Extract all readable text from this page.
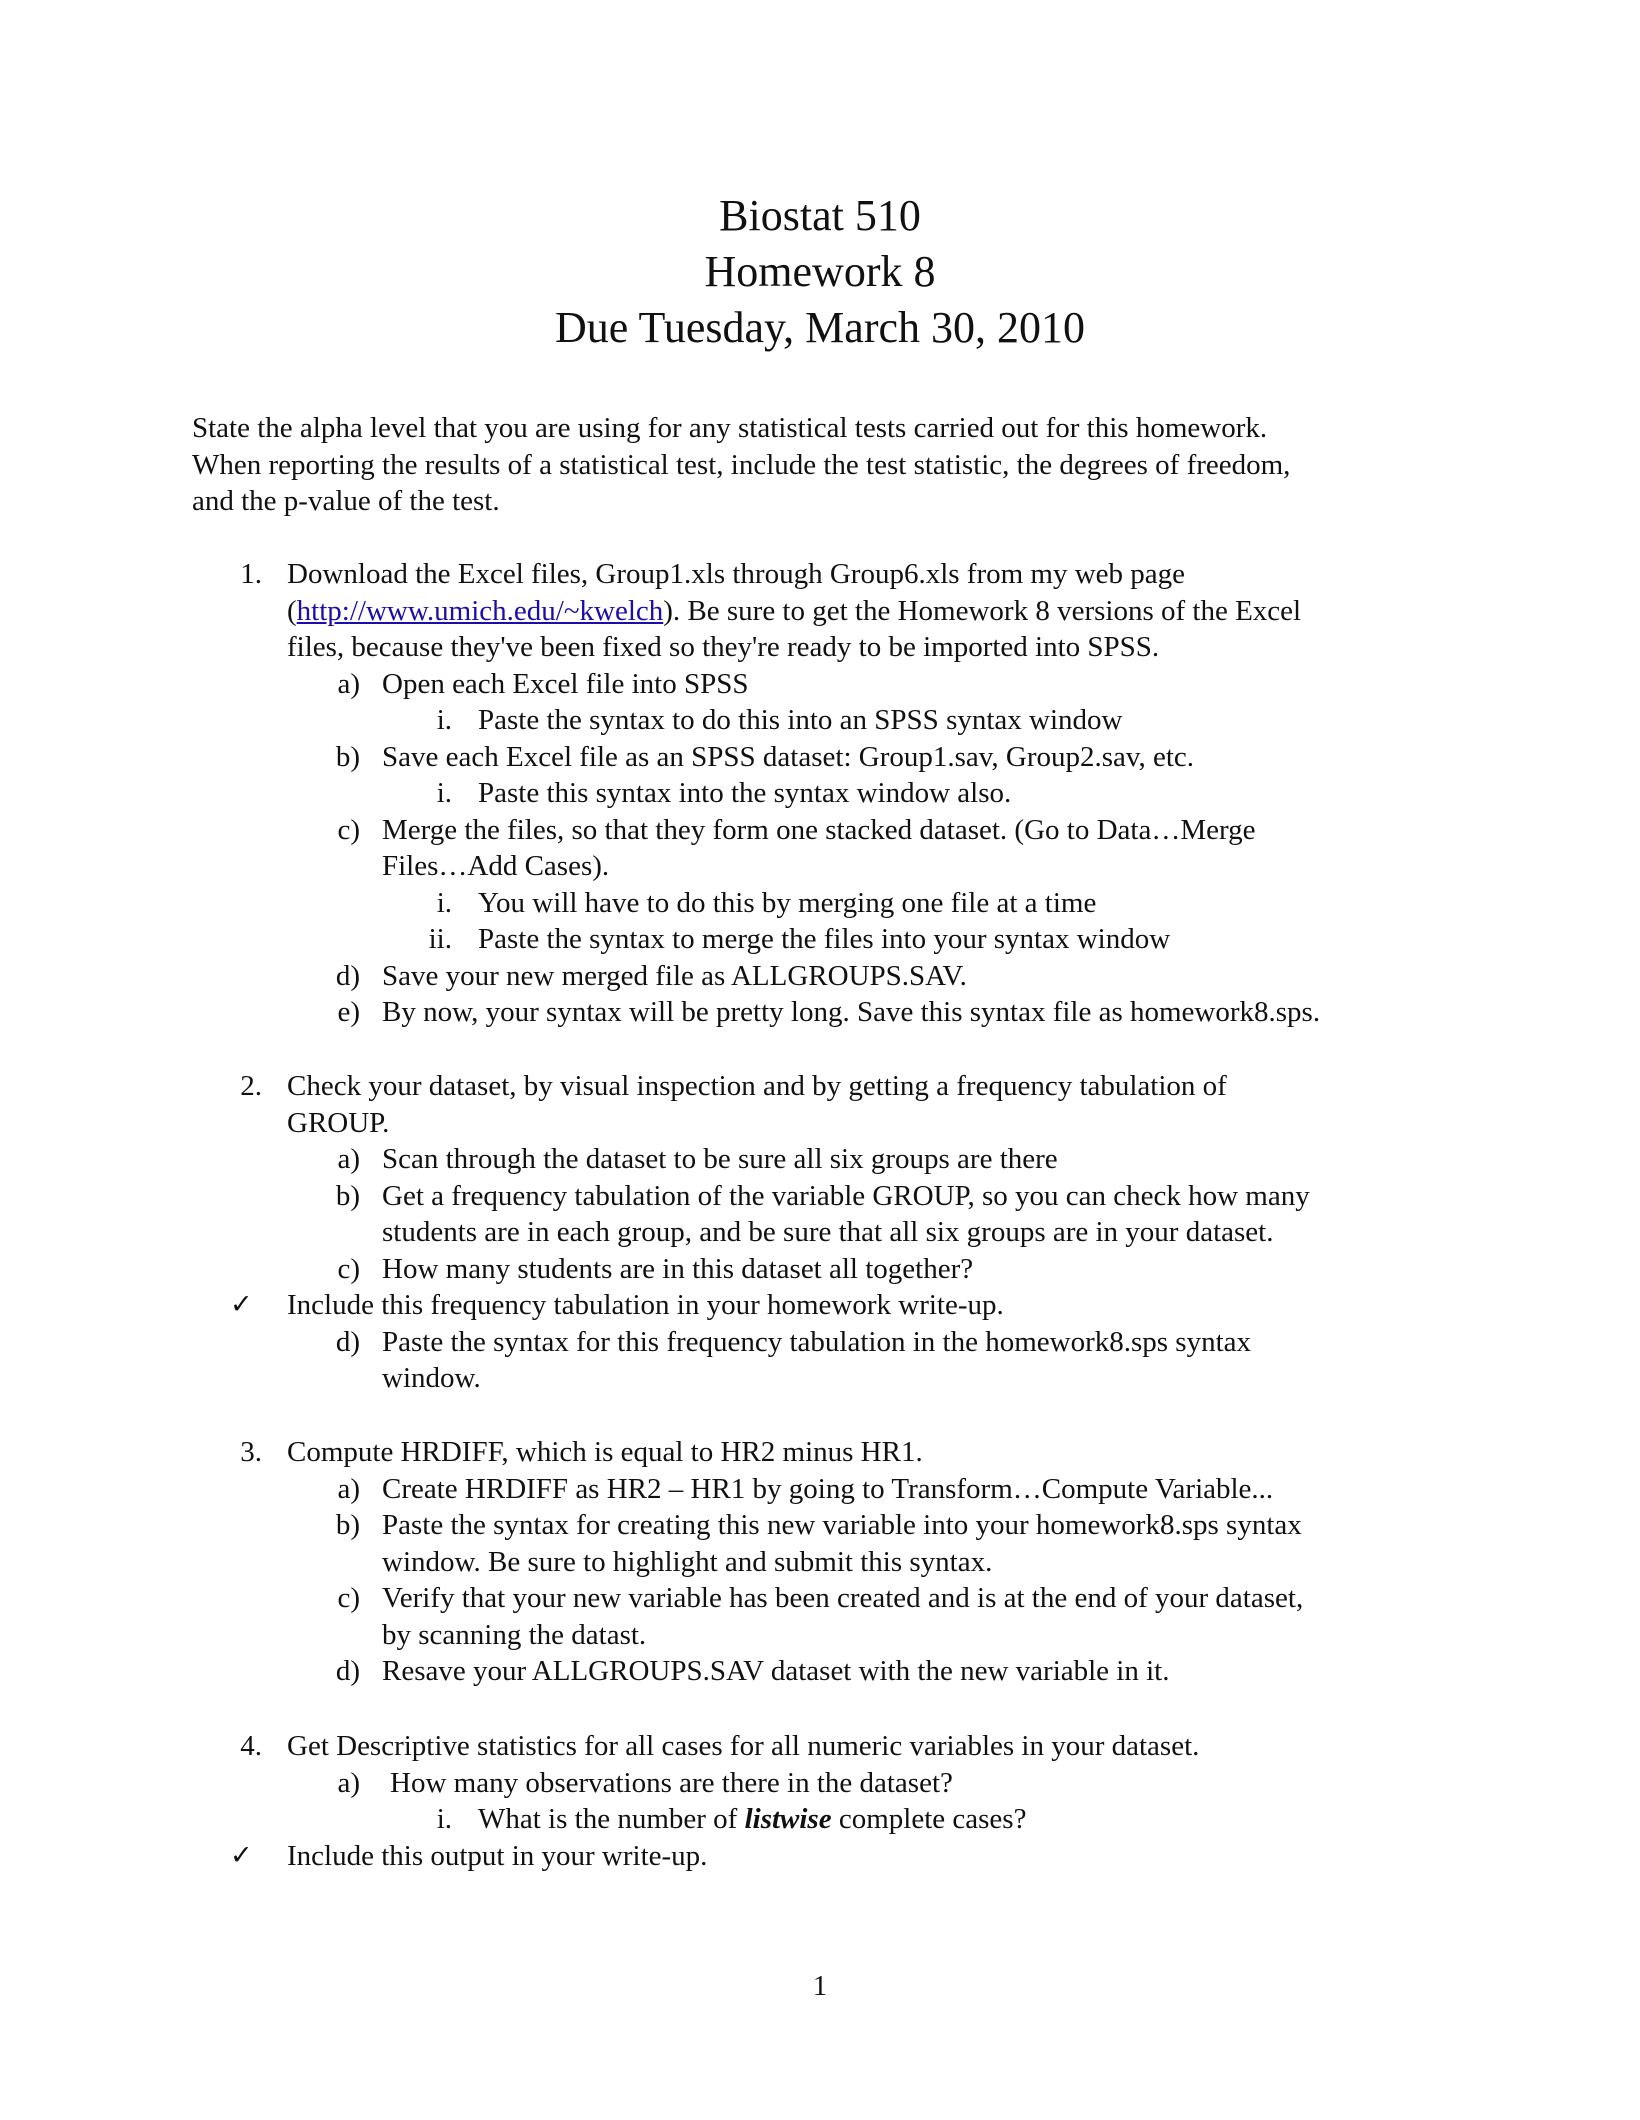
Biostat 510
Homework 8
Due Tuesday, March 30, 2010
State the alpha level that you are using for any statistical tests carried out for this homework.
When reporting the results of a statistical test, include the test statistic, the degrees of freedom,
and the p-value of the test.
1. Download the Excel files, Group1.xls through Group6.xls from my web page
(http://www.umich.edu/~kwelch). Be sure to get the Homework 8 versions of the Excel
files, because they've been fixed so they're ready to be imported into SPSS.
a) Open each Excel file into SPSS
i. Paste the syntax to do this into an SPSS syntax window
b) Save each Excel file as an SPSS dataset: Group1.sav, Group2.sav, etc.
i. Paste this syntax into the syntax window also.
c) Merge the files, so that they form one stacked dataset. (Go to Data…Merge
Files…Add Cases).
i. You will have to do this by merging one file at a time
ii. Paste the syntax to merge the files into your syntax window
d) Save your new merged file as ALLGROUPS.SAV.
e) By now, your syntax will be pretty long. Save this syntax file as homework8.sps.
2. Check your dataset, by visual inspection and by getting a frequency tabulation of
GROUP.
a) Scan through the dataset to be sure all six groups are there
b) Get a frequency tabulation of the variable GROUP, so you can check how many
students are in each group, and be sure that all six groups are in your dataset.
c) How many students are in this dataset all together?
✓	Include this frequency tabulation in your homework write-up.
d) Paste the syntax for this frequency tabulation in the homework8.sps syntax
window.
3. Compute HRDIFF, which is equal to HR2 minus HR1.
a) Create HRDIFF as HR2 – HR1 by going to Transform…Compute Variable...
b) Paste the syntax for creating this new variable into your homework8.sps syntax
window. Be sure to highlight and submit this syntax.
c) Verify that your new variable has been created and is at the end of your dataset,
by scanning the datast.
d) Resave your ALLGROUPS.SAV dataset with the new variable in it.
4. Get Descriptive statistics for all cases for all numeric variables in your dataset.
a) How many observations are there in the dataset?
i. What is the number of listwise complete cases?
✓	Include this output in your write-up.
1
